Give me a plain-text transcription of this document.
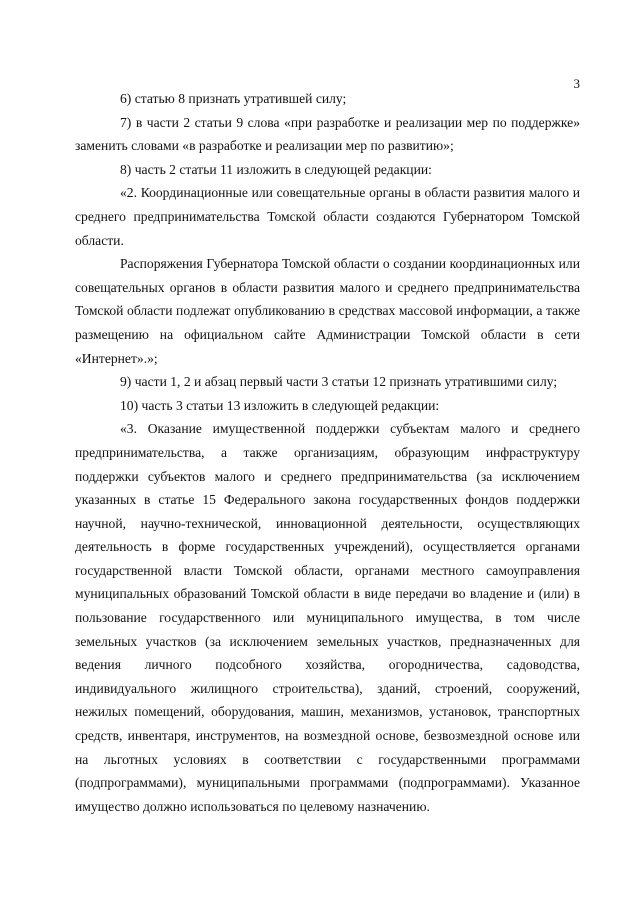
3

6) статью 8 признать утратившей силу;

7) в части 2 статьи 9 слова «при разработке и реализации мер по поддержке» заменить словами «в разработке и реализации мер по развитию»;

8) часть 2 статьи 11 изложить в следующей редакции:

«2. Координационные или совещательные органы в области развития малого и среднего предпринимательства Томской области создаются Губернатором Томской области.

Распоряжения Губернатора Томской области о создании координационных или совещательных органов в области развития малого и среднего предпринимательства Томской области подлежат опубликованию в средствах массовой информации, а также размещению на официальном сайте Администрации Томской области в сети «Интернет».»;

9) части 1, 2 и абзац первый части 3 статьи 12 признать утратившими силу;

10) часть 3 статьи 13 изложить в следующей редакции:

«3. Оказание имущественной поддержки субъектам малого и среднего предпринимательства, а также организациям, образующим инфраструктуру поддержки субъектов малого и среднего предпринимательства (за исключением указанных в статье 15 Федерального закона государственных фондов поддержки научной, научно-технической, инновационной деятельности, осуществляющих деятельность в форме государственных учреждений), осуществляется органами государственной власти Томской области, органами местного самоуправления муниципальных образований Томской области в виде передачи во владение и (или) в пользование государственного или муниципального имущества, в том числе земельных участков (за исключением земельных участков, предназначенных для ведения личного подсобного хозяйства, огородничества, садоводства, индивидуального жилищного строительства), зданий, строений, сооружений, нежилых помещений, оборудования, машин, механизмов, установок, транспортных средств, инвентаря, инструментов, на возмездной основе, безвозмездной основе или на льготных условиях в соответствии с государственными программами (подпрограммами), муниципальными программами (подпрограммами). Указанное имущество должно использоваться по целевому назначению.
